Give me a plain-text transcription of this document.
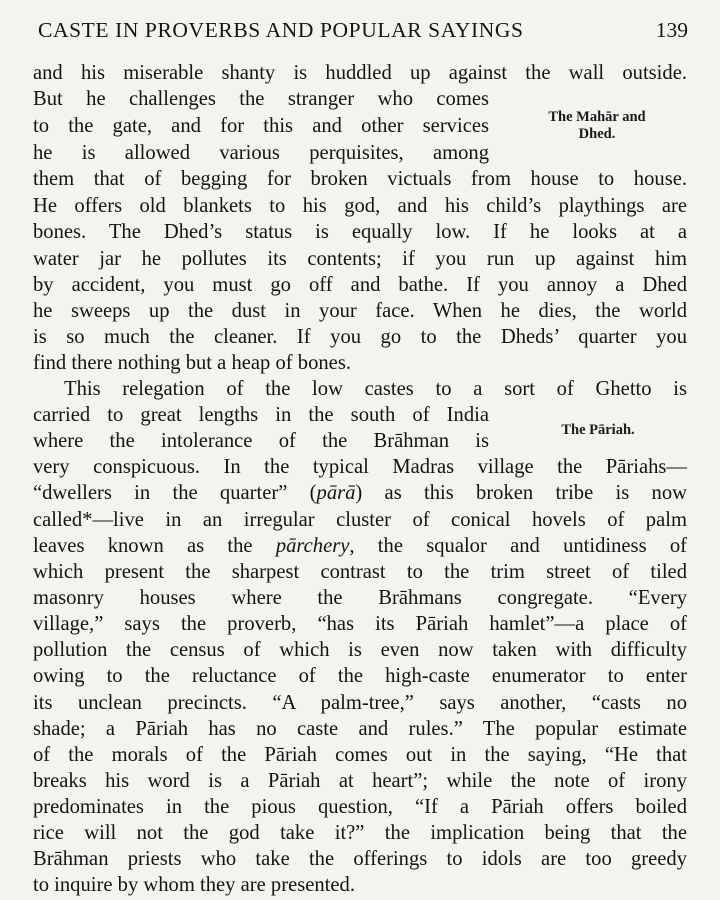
CASTE IN PROVERBS AND POPULAR SAYINGS	139
The Mahār and
Dhed.
The Pāriah.
and his miserable shanty is huddled up against the wall outside.
But he challenges the stranger who comes
to the gate, and for this and other services
he is allowed various perquisites, among
them that of begging for broken victuals from house to house.
He offers old blankets to his god, and his child’s playthings are
bones. The Dhed’s status is equally low. If he looks at a
water jar he pollutes its contents; if you run up against him
by accident, you must go off and bathe. If you annoy a Dhed
he sweeps up the dust in your face. When he dies, the world
is so much the cleaner. If you go to the Dheds’ quarter you
find there nothing but a heap of bones.
This relegation of the low castes to a sort of Ghetto is
carried to great lengths in the south of India
where the intolerance of the Brāhman is
very conspicuous. In the typical Madras village the Pāriahs—
“dwellers in the quarter” (pārā) as this broken tribe is now
called*—live in an irregular cluster of conical hovels of palm
leaves known as the pārchery, the squalor and untidiness of
which present the sharpest contrast to the trim street of tiled
masonry houses where the Brāhmans congregate. “Every
village,” says the proverb, “has its Pāriah hamlet”—a place of
pollution the census of which is even now taken with difficulty
owing to the reluctance of the high-caste enumerator to enter
its unclean precincts. “A palm-tree,” says another, “casts no
shade; a Pāriah has no caste and rules.” The popular estimate
of the morals of the Pāriah comes out in the saying, “He that
breaks his word is a Pāriah at heart”; while the note of irony
predominates in the pious question, “If a Pāriah offers boiled
rice will not the god take it?” the implication being that the
Brāhman priests who take the offerings to idols are too greedy
to inquire by whom they are presented.
